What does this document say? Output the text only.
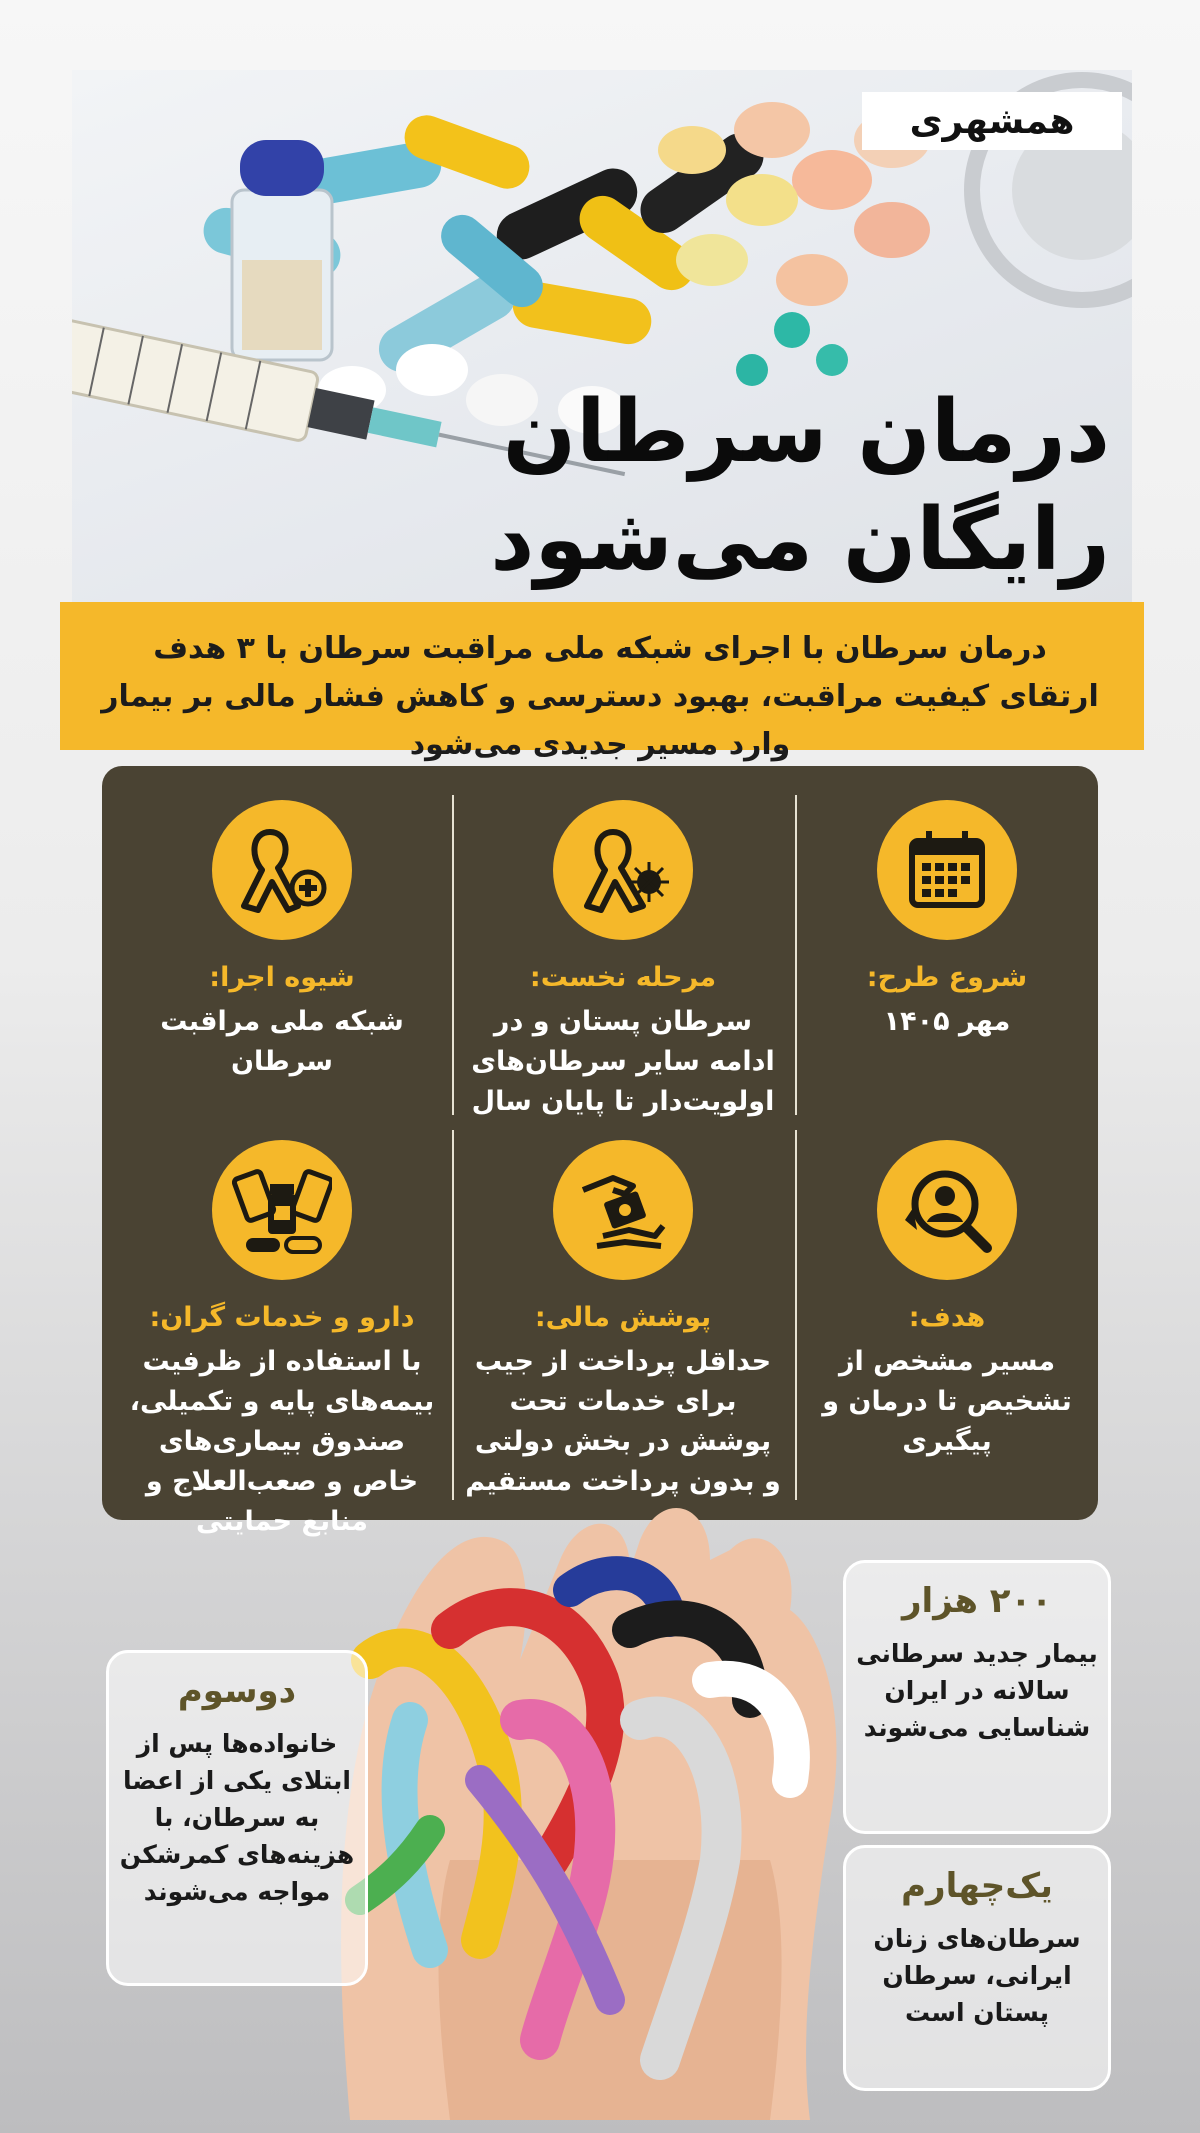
همشهری
درمان سرطان
رایگان می‌شود

درمان سرطان با اجرای شبکه ملی مراقبت سرطان با ۳ هدف ارتقای کیفیت مراقبت، بهبود دسترسی و کاهش فشار مالی بر بیمار وارد مسیر جدیدی می‌شود

شروع طرح:

مهر ۱۴۰۵

مرحله نخست:

سرطان پستان و در ادامه سایر سرطان‌های اولویت‌دار تا پایان سال

شیوه اجرا:

شبکه ملی مراقبت سرطان

هدف:

مسیر مشخص از تشخیص تا درمان و پیگیری

پوشش مالی:

حداقل پرداخت از جیب برای خدمات تحت پوشش در بخش دولتی و بدون پرداخت مستقیم

دارو و خدمات گران:

با استفاده از ظرفیت بیمه‌های پایه و تکمیلی، صندوق بیماری‌های خاص و صعب‌العلاج و منابع حمایتی

دوسوم

خانواده‌ها پس از ابتلای یکی از اعضا به سرطان، با هزینه‌های کمرشکن مواجه می‌شوند

۲۰۰ هزار

بیمار جدید سرطانی سالانه در ایران شناسایی می‌شوند

یک‌چهارم

سرطان‌های زنان ایرانی، سرطان پستان است
